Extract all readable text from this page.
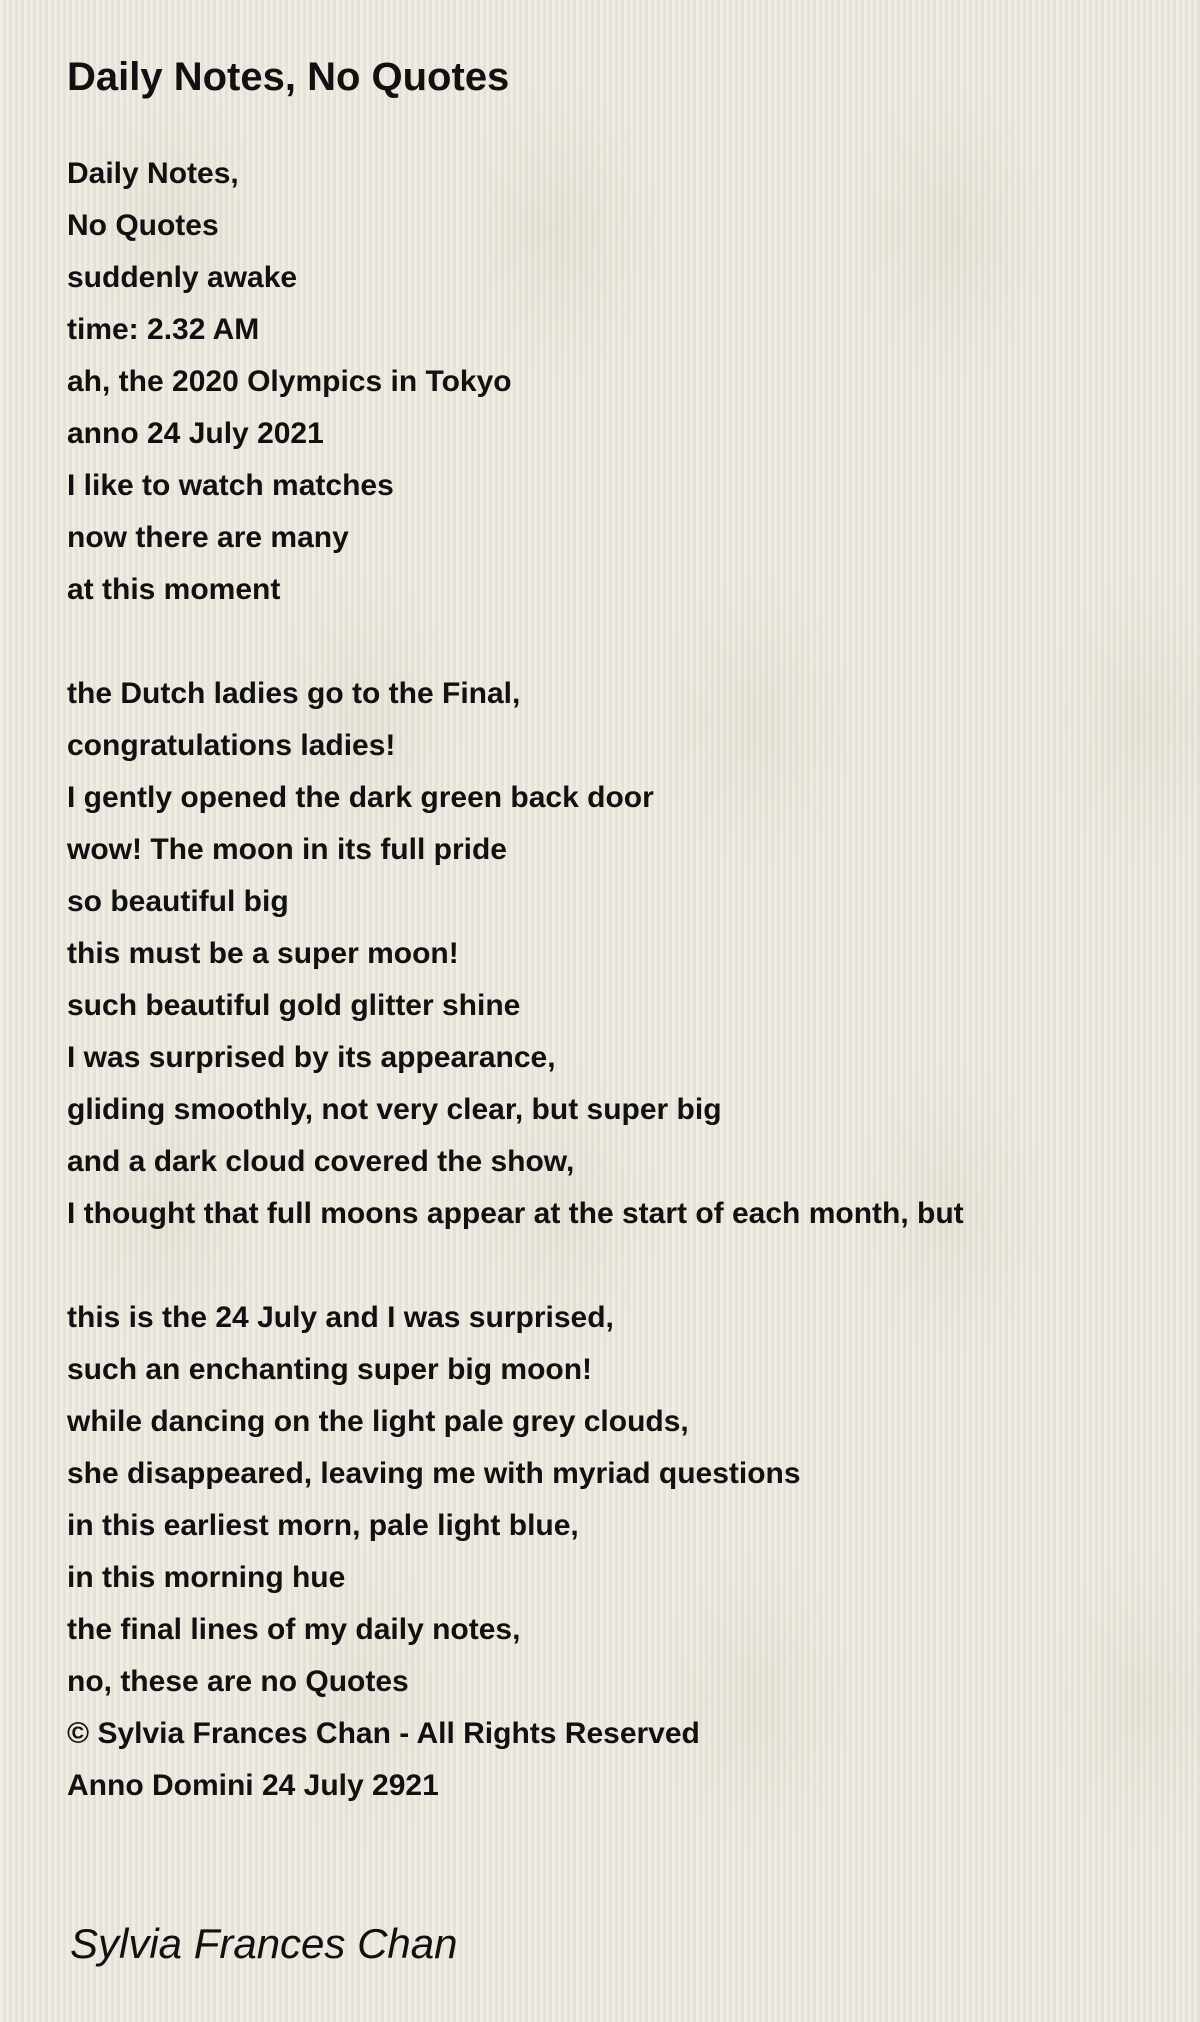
Daily Notes, No Quotes
Daily Notes,
No Quotes
suddenly awake
time: 2.32 AM
ah, the 2020 Olympics in Tokyo
anno 24 July 2021
I like to watch matches
now there are many
at this moment
the Dutch ladies go to the Final,
congratulations ladies!
I gently opened the dark green back door
wow! The moon in its full pride
so beautiful big
this must be a super moon!
such beautiful gold glitter shine
I was surprised by its appearance,
gliding smoothly, not very clear, but super big
and a dark cloud covered the show,
I thought that full moons appear at the start of each month, but
this is the 24 July and I was surprised,
such an enchanting super big moon!
while dancing on the light pale grey clouds,
she disappeared, leaving me with myriad questions
in this earliest morn, pale light blue,
in this morning hue
the final lines of my daily notes,
no, these are no Quotes
© Sylvia Frances Chan - All Rights Reserved
Anno Domini 24 July 2921

Sylvia Frances Chan
